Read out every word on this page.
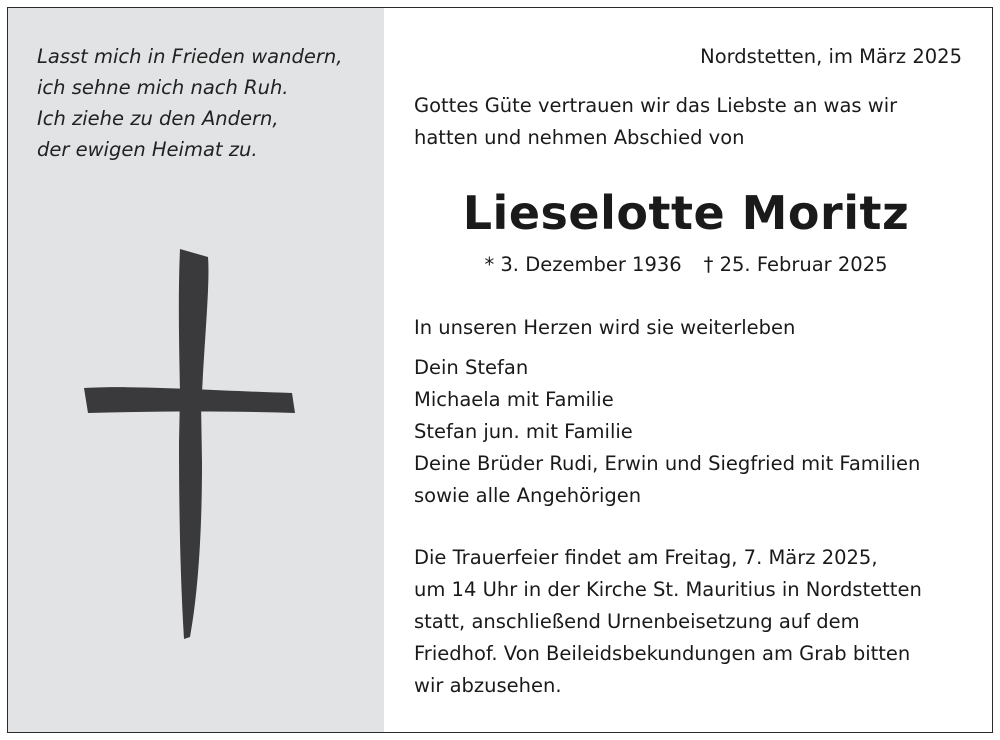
Lasst mich in Frieden wandern,
ich sehne mich nach Ruh.
Ich ziehe zu den Andern,
der ewigen Heimat zu.
Nordstetten, im März 2025
Gottes Güte vertrauen wir das Liebste an was wir
hatten und nehmen Abschied von
Lieselotte Moritz
* 3. Dezember 1936 † 25. Februar 2025
In unseren Herzen wird sie weiterleben
Dein Stefan
Michaela mit Familie
Stefan jun. mit Familie
Deine Brüder Rudi, Erwin und Siegfried mit Familien
sowie alle Angehörigen
Die Trauerfeier findet am Freitag, 7. März 2025,
um 14 Uhr in der Kirche St. Mauritius in Nordstetten
statt, anschließend Urnenbeisetzung auf dem
Friedhof. Von Beileidsbekundungen am Grab bitten
wir abzusehen.
